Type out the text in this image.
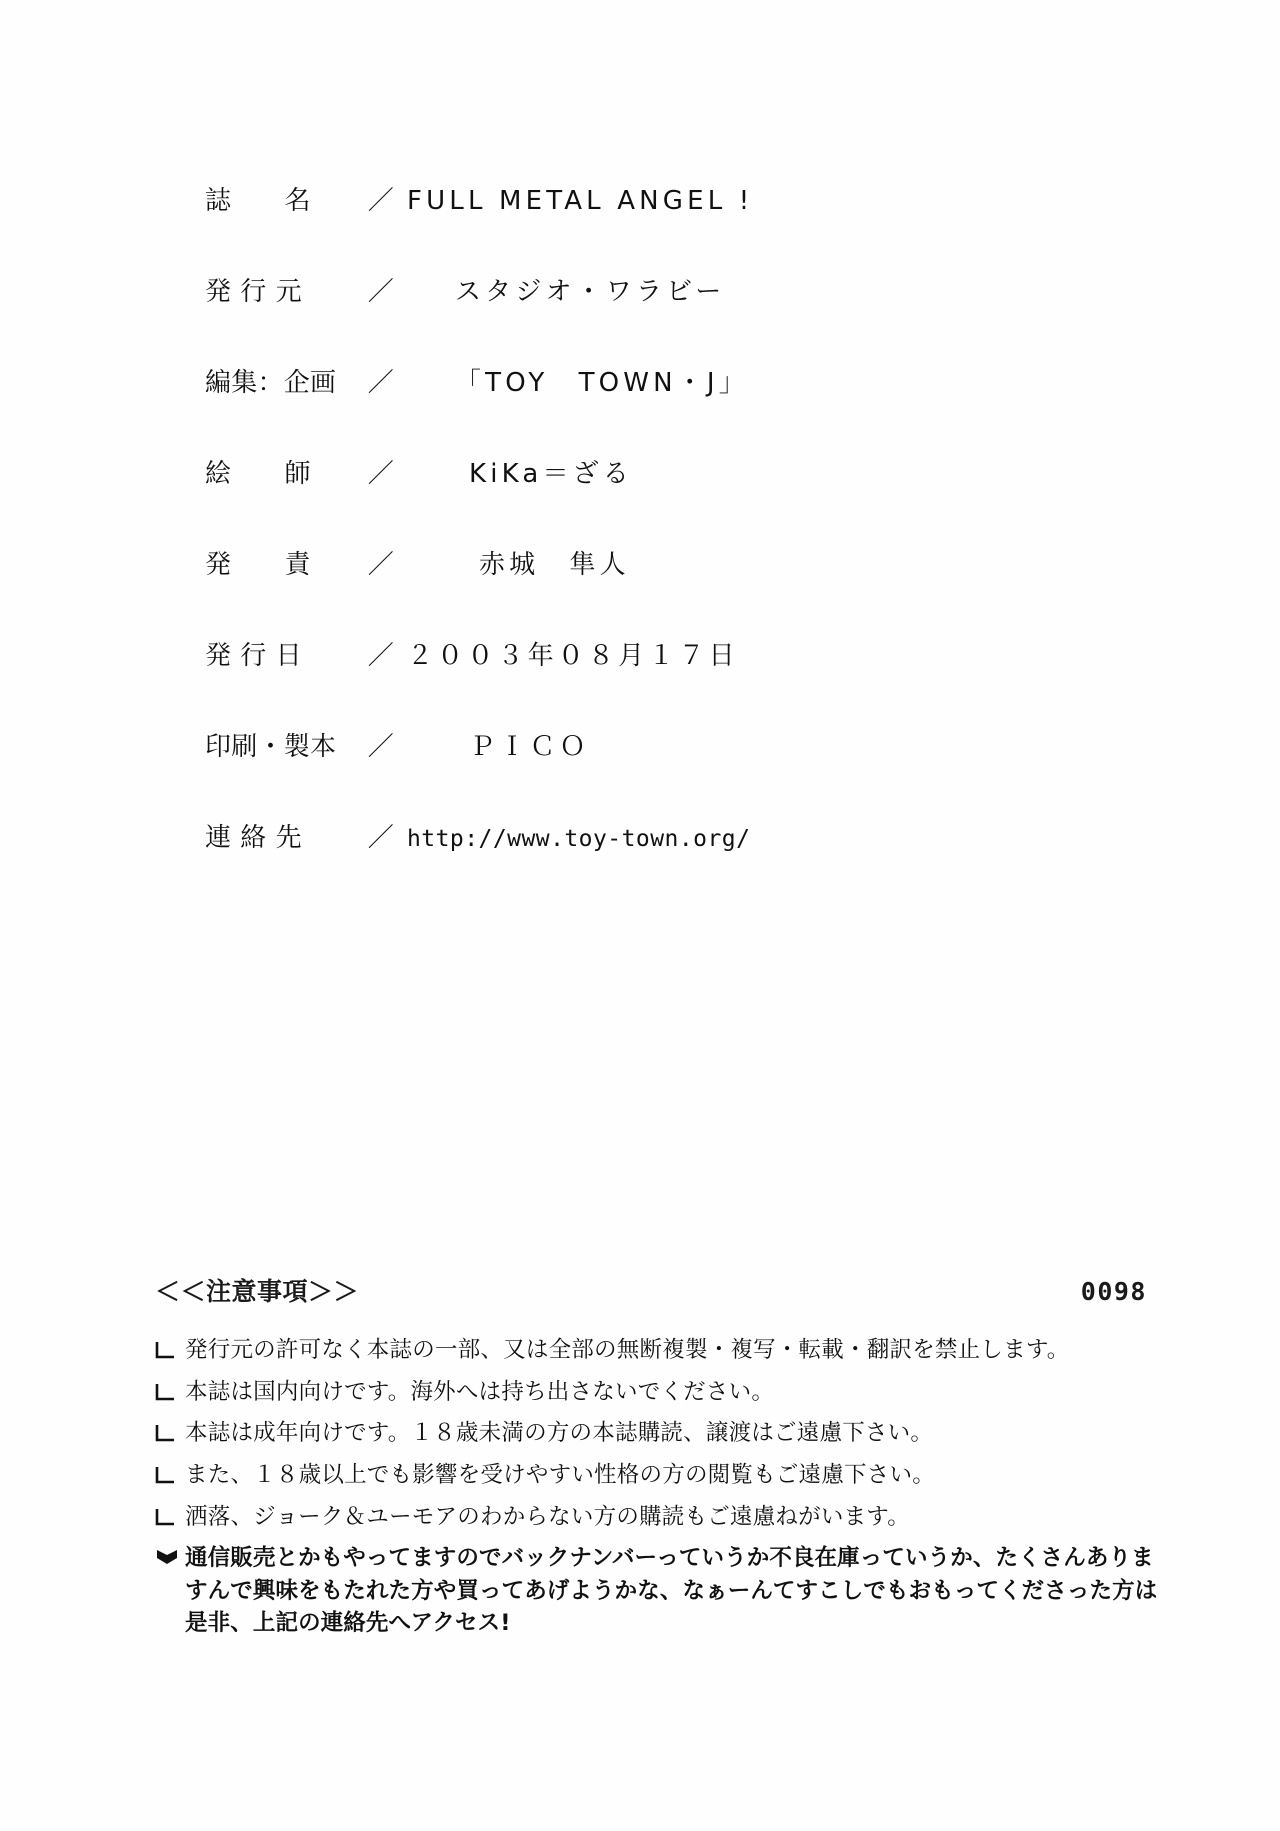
誌　　名	／ FULL METAL ANGEL !
発 行 元	／	スタジオ・ワラビー
編集：企画	／	「TOY　TOWN・J」
絵　　師	／	KiKa＝ざる
発　　責	／	赤城　隼人
発 行 日	／ ２００３年０８月１７日
印刷・製本	／	ＰＩＣＯ
連 絡 先	／ http://www.toy-town.org/
＜＜注意事項＞＞	0098
発行元の許可なく本誌の一部、又は全部の無断複製・複写・転載・翻訳を禁止します。
本誌は国内向けです。海外へは持ち出さないでください。
本誌は成年向けです。１８歳未満の方の本誌購読、譲渡はご遠慮下さい。
また、１８歳以上でも影響を受けやすい性格の方の閲覧もご遠慮下さい。
洒落、ジョーク＆ユーモアのわからない方の購読もご遠慮ねがいます。
通信販売とかもやってますのでバックナンバーっていうか不良在庫っていうか、たくさんありますんで興味をもたれた方や買ってあげようかな、なぁーんてすこしでもおもってくださった方は是非、上記の連絡先へアクセス!
